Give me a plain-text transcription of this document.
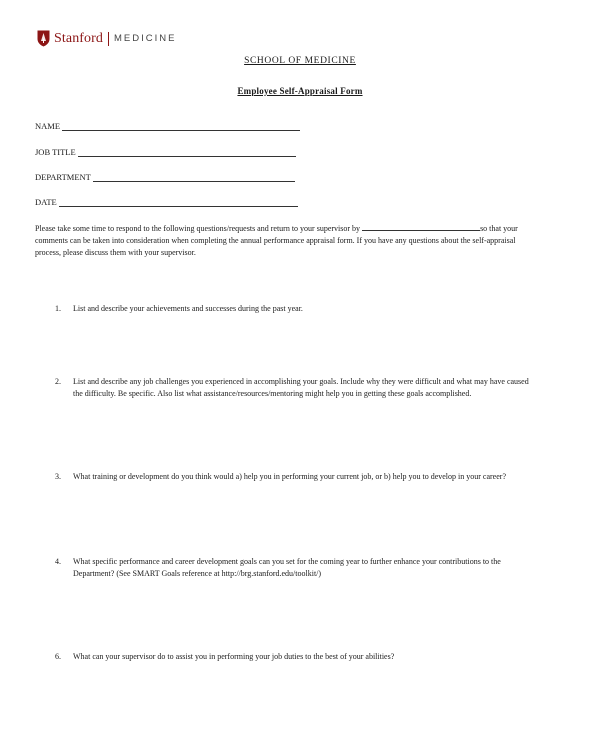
Stanford MEDICINE
SCHOOL OF MEDICINE
Employee Self-Appraisal Form
NAME
JOB TITLE
DEPARTMENT
DATE
Please take some time to respond to the following questions/requests and return to your supervisor by	so that your comments can be taken into consideration when completing the annual performance appraisal form. If you have any questions about the self-appraisal process, please discuss them with your supervisor.
1.	List and describe your achievements and successes during the past year.
2.	List and describe any job challenges you experienced in accomplishing your goals. Include why they were difficult and what may have caused the difficulty. Be specific. Also list what assistance/resources/mentoring might help you in getting these goals accomplished.
3.	What training or development do you think would a) help you in performing your current job, or b) help you to develop in your career?
4.	What specific performance and career development goals can you set for the coming year to further enhance your contributions to the Department? (See SMART Goals reference at http://brg.stanford.edu/toolkit/)
6.	What can your supervisor do to assist you in performing your job duties to the best of your abilities?
